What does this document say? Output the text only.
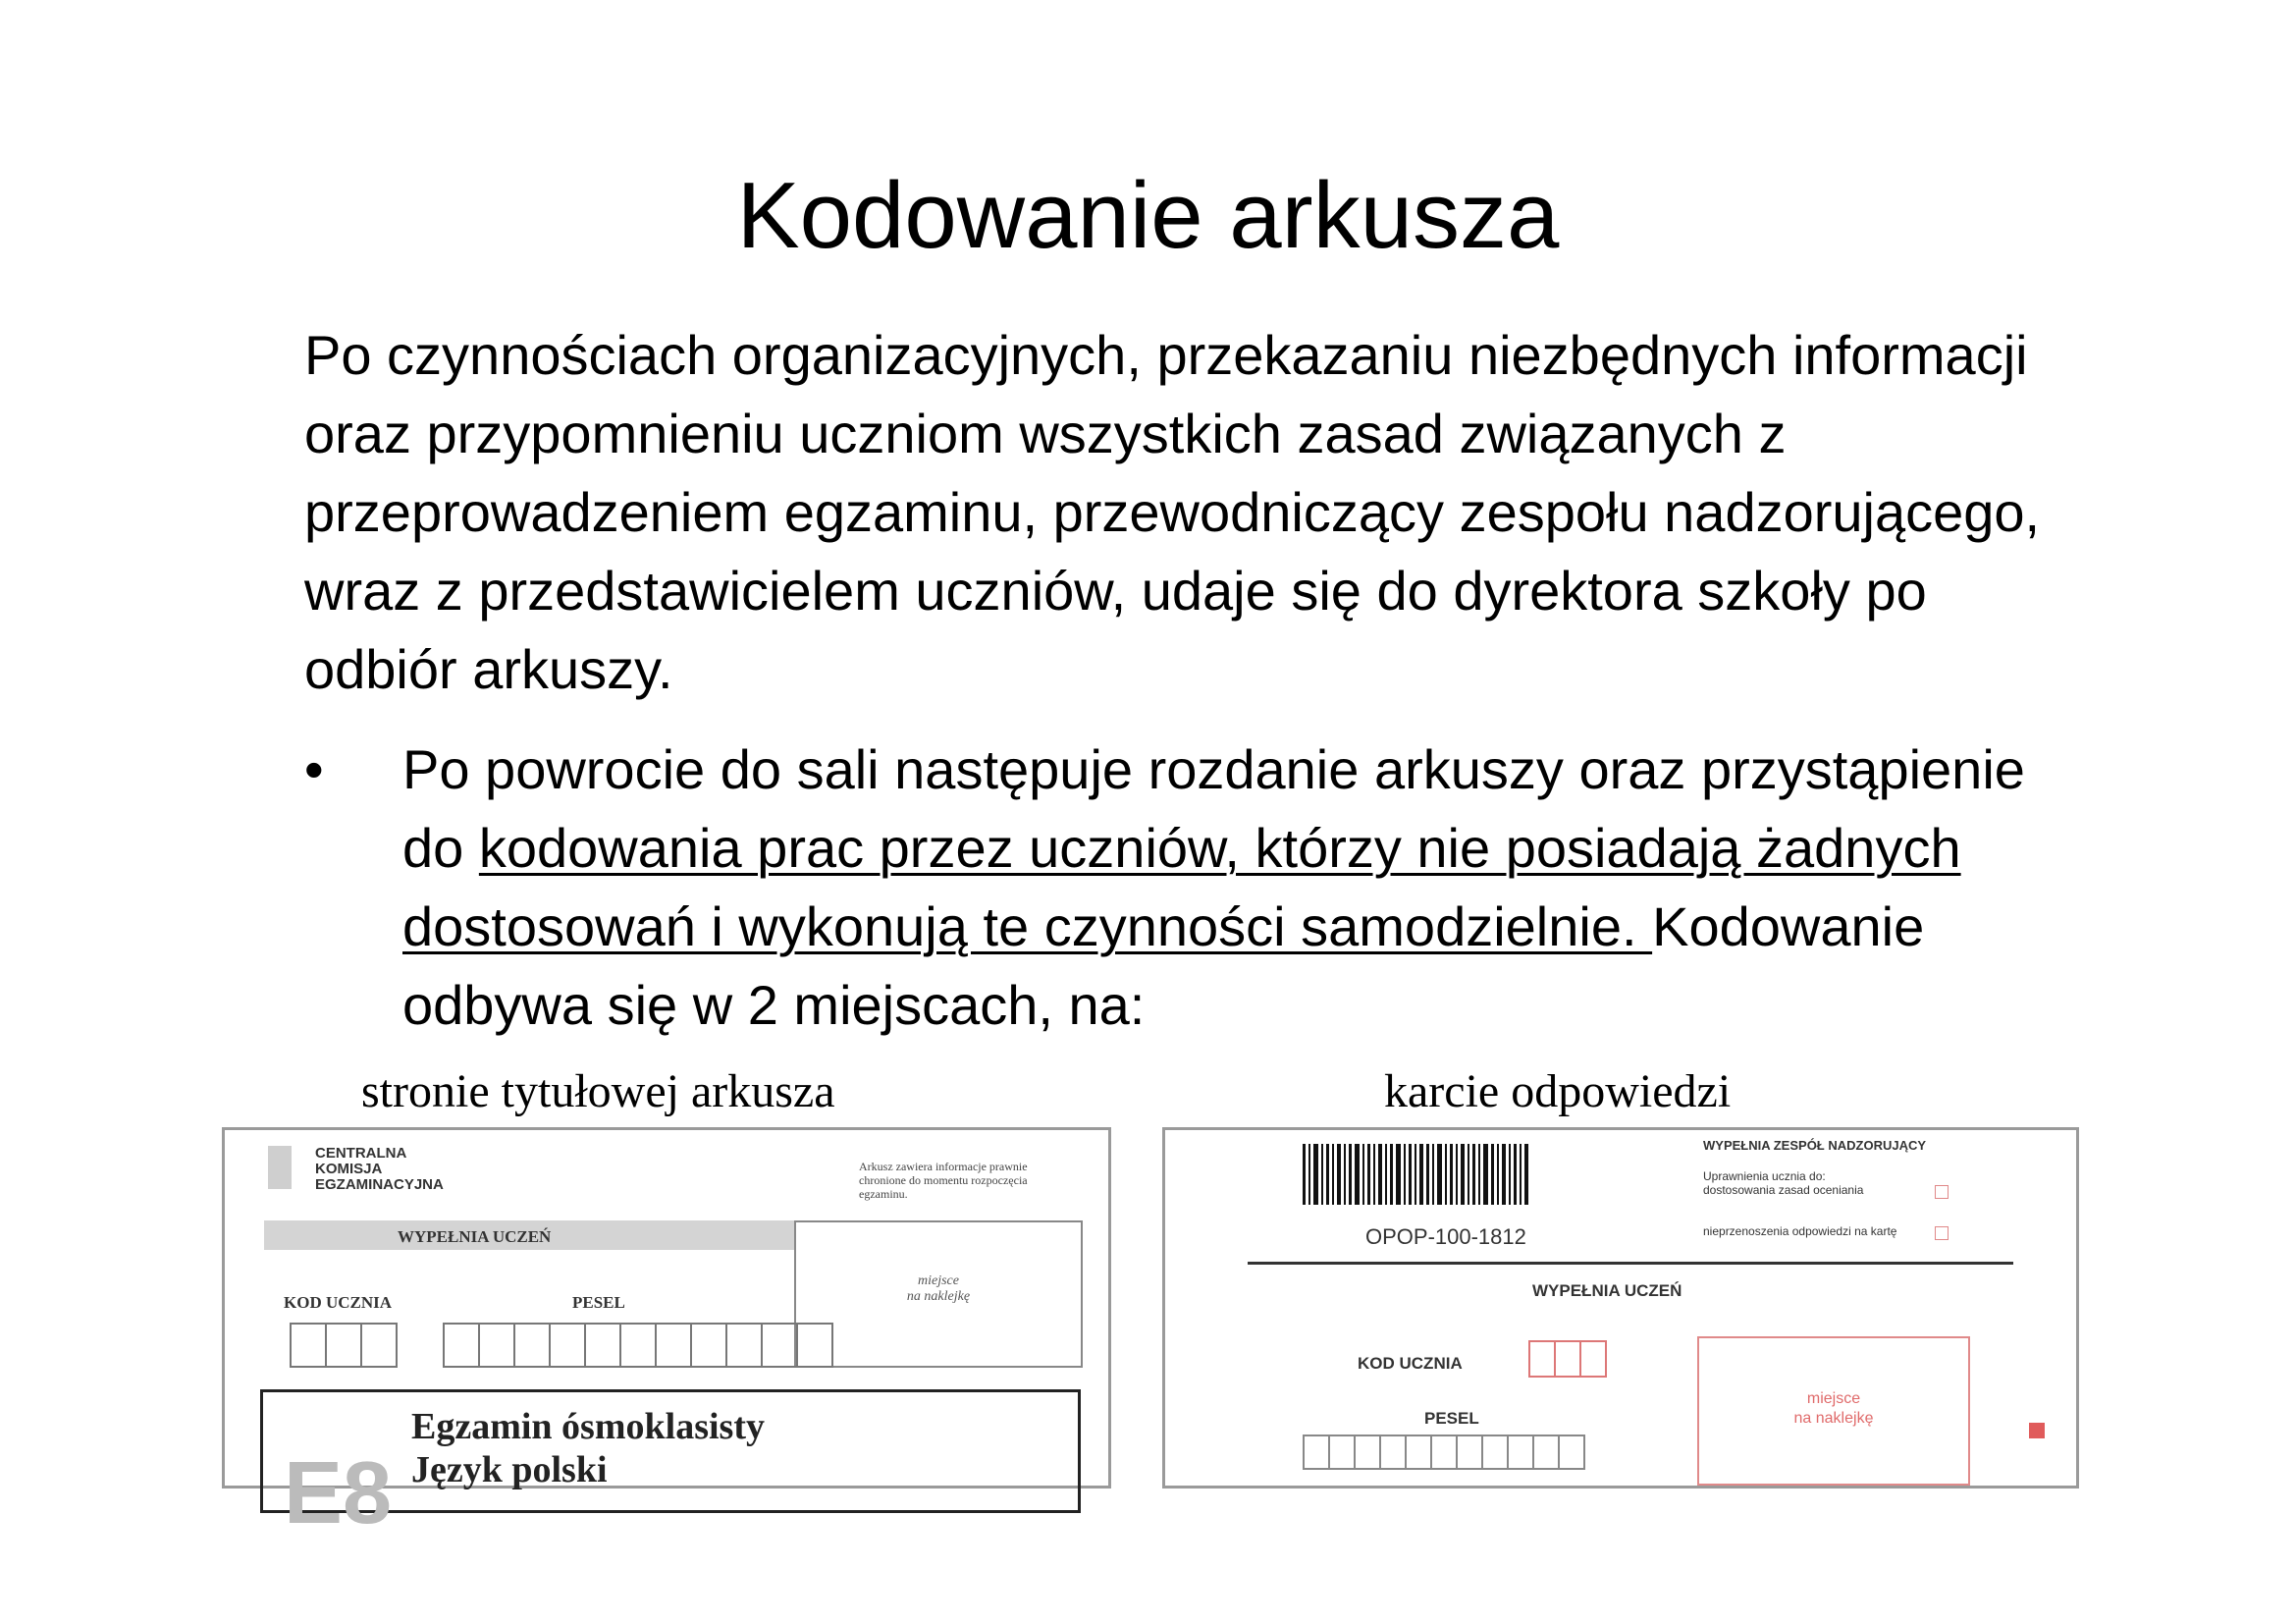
Kodowanie arkusza
Po czynnościach organizacyjnych, przekazaniu niezbędnych informacji oraz przypomnieniu uczniom wszystkich zasad związanych z przeprowadzeniem egzaminu, przewodniczący zespołu nadzorującego, wraz z przedstawicielem uczniów, udaje się do dyrektora szkoły po odbiór arkuszy.
• Po powrocie do sali następuje rozdanie arkuszy oraz przystąpienie do kodowania prac przez uczniów, którzy nie posiadają żadnych dostosowań i wykonują te czynności samodzielnie. Kodowanie odbywa się w 2 miejscach, na:
stronie tytułowej arkusza	karcie odpowiedzi
CENTRALNA
KOMISJA
EGZAMINACYJNA
Arkusz zawiera informacje prawnie chronione do momentu rozpoczęcia egzaminu.
WYPEŁNIA UCZEŃ
miejsce
na naklejkę
KOD UCZNIA	PESEL
Egzamin ósmoklasisty
Język polski
E8
OPOP-100-1812
WYPEŁNIA ZESPÓŁ NADZORUJĄCY
Uprawnienia ucznia do:
dostosowania zasad oceniania
nieprzenoszenia odpowiedzi na kartę
WYPEŁNIA UCZEŃ
KOD UCZNIA
PESEL
miejsce
na naklejkę
